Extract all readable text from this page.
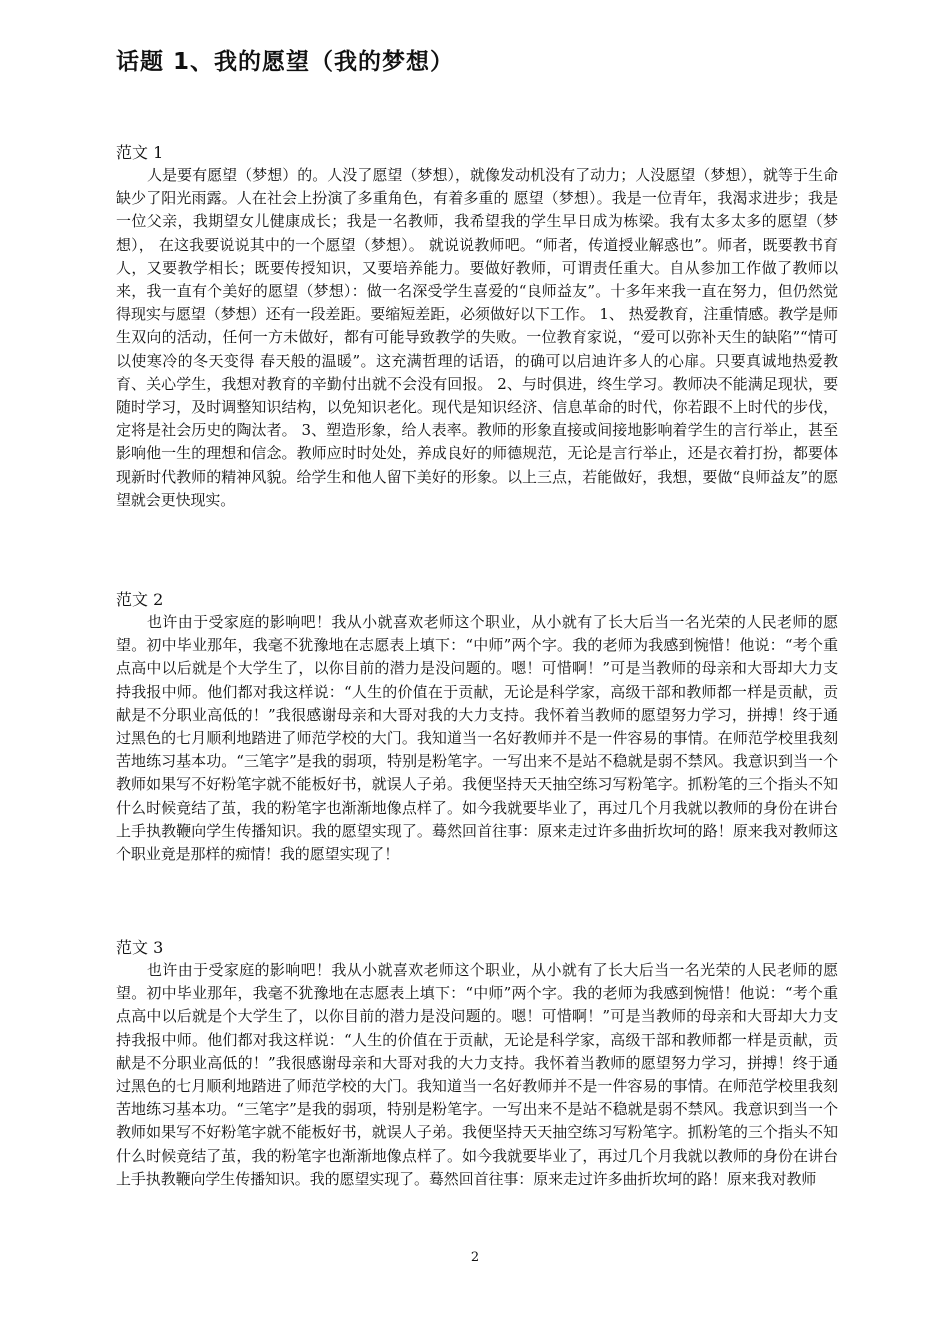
话题 1、我的愿望（我的梦想）

范文 1

人是要有愿望（梦想）的。人没了愿望（梦想），就像发动机没有了动力；人没愿望（梦想），就等于生命缺少了阳光雨露。人在社会上扮演了多重角色，有着多重的 愿望（梦想）。我是一位青年，我渴求进步；我是一位父亲，我期望女儿健康成长；我是一名教师，我希望我的学生早日成为栋梁。我有太多太多的愿望（梦想）， 在这我要说说其中的一个愿望（梦想）。 就说说教师吧。“师者，传道授业解惑也”。师者，既要教书育人，又要教学相长；既要传授知识，又要培养能力。要做好教师，可谓责任重大。自从参加工作做了教师以来，我一直有个美好的愿望（梦想）：做一名深受学生喜爱的“良师益友”。十多年来我一直在努力，但仍然觉得现实与愿望（梦想）还有一段差距。要缩短差距，必须做好以下工作。 1、 热爱教育，注重情感。教学是师生双向的活动，任何一方未做好，都有可能导致教学的失败。一位教育家说，“爱可以弥补天生的缺陷”“情可以使寒冷的冬天变得 春天般的温暖”。这充满哲理的话语，的确可以启迪许多人的心扉。只要真诚地热爱教育、关心学生，我想对教育的辛勤付出就不会没有回报。 2、与时俱进，终生学习。教师决不能满足现状，要随时学习，及时调整知识结构，以免知识老化。现代是知识经济、信息革命的时代，你若跟不上时代的步伐，定将是社会历史的陶汰者。 3、塑造形象，给人表率。教师的形象直接或间接地影响着学生的言行举止，甚至影响他一生的理想和信念。教师应时时处处，养成良好的师德规范，无论是言行举止，还是衣着打扮，都要体现新时代教师的精神风貌。给学生和他人留下美好的形象。以上三点，若能做好，我想，要做“良师益友”的愿望就会更快现实。

范文 2

也许由于受家庭的影响吧！我从小就喜欢老师这个职业，从小就有了长大后当一名光荣的人民老师的愿望。初中毕业那年，我毫不犹豫地在志愿表上填下：“中师”两个字。我的老师为我感到惋惜！他说：“考个重点高中以后就是个大学生了，以你目前的潜力是没问题的。嗯！可惜啊！”可是当教师的母亲和大哥却大力支持我报中师。他们都对我这样说：“人生的价值在于贡献，无论是科学家，高级干部和教师都一样是贡献，贡献是不分职业高低的！”我很感谢母亲和大哥对我的大力支持。我怀着当教师的愿望努力学习，拼搏！终于通过黑色的七月顺利地踏进了师范学校的大门。我知道当一名好教师并不是一件容易的事情。在师范学校里我刻苦地练习基本功。“三笔字”是我的弱项，特别是粉笔字。一写出来不是站不稳就是弱不禁风。我意识到当一个教师如果写不好粉笔字就不能板好书，就误人子弟。我便坚持天天抽空练习写粉笔字。抓粉笔的三个指头不知什么时候竟结了茧，我的粉笔字也渐渐地像点样了。如今我就要毕业了，再过几个月我就以教师的身份在讲台上手执教鞭向学生传播知识。我的愿望实现了。蓦然回首往事：原来走过许多曲折坎坷的路！原来我对教师这个职业竟是那样的痴情！我的愿望实现了！

范文 3

也许由于受家庭的影响吧！我从小就喜欢老师这个职业，从小就有了长大后当一名光荣的人民老师的愿望。初中毕业那年，我毫不犹豫地在志愿表上填下：“中师”两个字。我的老师为我感到惋惜！他说：“考个重点高中以后就是个大学生了，以你目前的潜力是没问题的。嗯！可惜啊！”可是当教师的母亲和大哥却大力支持我报中师。他们都对我这样说：“人生的价值在于贡献，无论是科学家，高级干部和教师都一样是贡献，贡献是不分职业高低的！”我很感谢母亲和大哥对我的大力支持。我怀着当教师的愿望努力学习，拼搏！终于通过黑色的七月顺利地踏进了师范学校的大门。我知道当一名好教师并不是一件容易的事情。在师范学校里我刻苦地练习基本功。“三笔字”是我的弱项，特别是粉笔字。一写出来不是站不稳就是弱不禁风。我意识到当一个教师如果写不好粉笔字就不能板好书，就误人子弟。我便坚持天天抽空练习写粉笔字。抓粉笔的三个指头不知什么时候竟结了茧，我的粉笔字也渐渐地像点样了。如今我就要毕业了，再过几个月我就以教师的身份在讲台上手执教鞭向学生传播知识。我的愿望实现了。蓦然回首往事：原来走过许多曲折坎坷的路！原来我对教师

2
